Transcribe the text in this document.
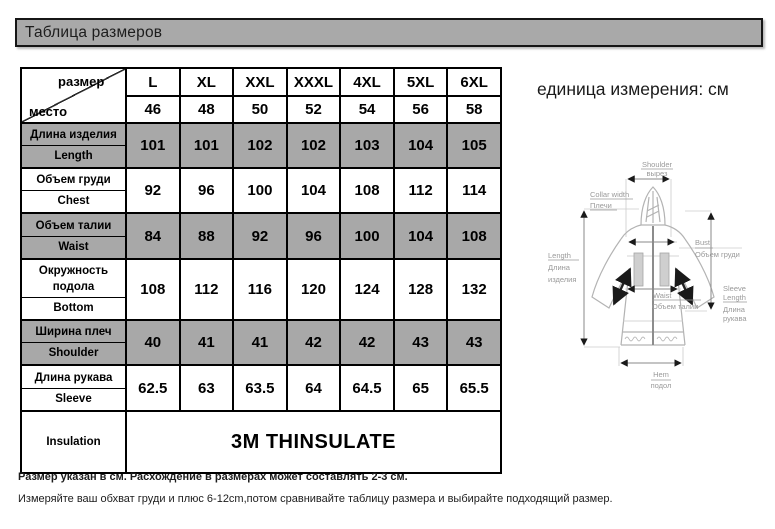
Таблица размеров
размер
место	L	XL	XXL	XXXL	4XL	5XL	6XL
	46	48	50	52	54	56	58

Длина изделия
Length	101	101	102	102	103	104	105

Объем груди
Chest	92	96	100	104	108	112	114

Объем талии
Waist	84	88	92	96	100	104	108

Окружность подола
Bottom	108	112	116	120	124	128	132

Ширина плеч
Shoulder	40	41	41	42	42	43	43

Длина рукава
Sleeve	62.5	63	63.5	64	64.5	65	65.5
Insulation	3M THINSULATE						
единица измерения: см
Shoulder
вырез
Collar width
Плечи
Length
Длина
изделия
Bust
Объем груди
Waist
Объем талии
Sleeve
Length
Длина
рукава
Hem
подол
Размер указан в см. Расхождение в размерах может составлять 2-3 см.
Измеряйте ваш обхват груди и плюс 6-12cm,потом сравнивайте таблицу размера и выбирайте подходящий размер.
